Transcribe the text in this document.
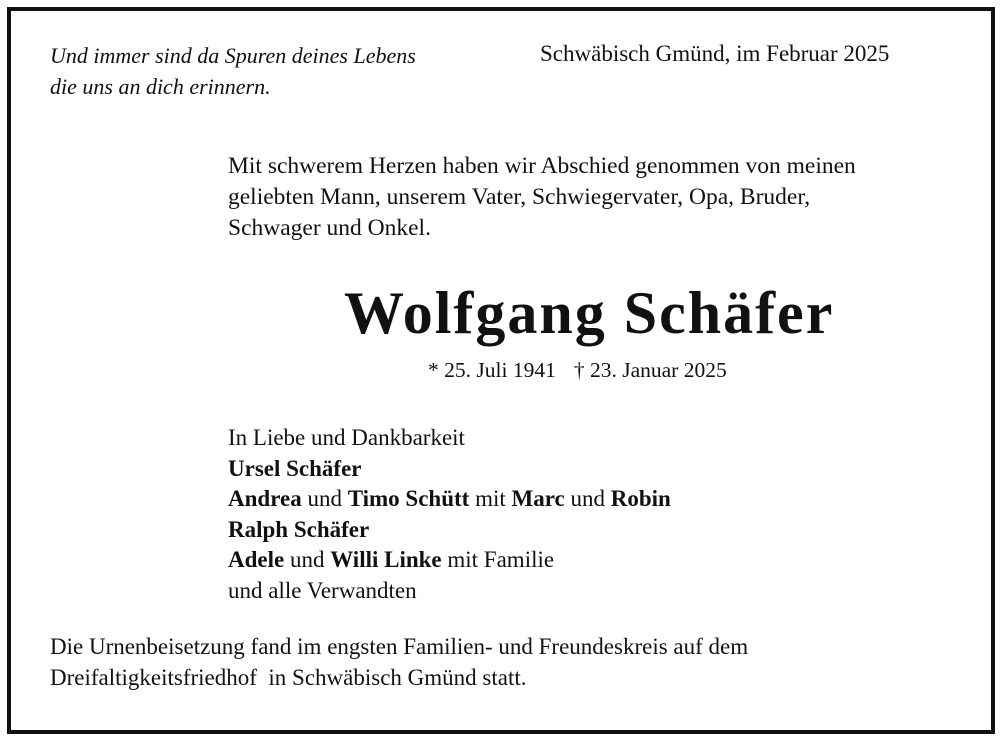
Und immer sind da Spuren deines Lebens
die uns an dich erinnern.
Schwäbisch Gmünd, im Februar 2025
Mit schwerem Herzen haben wir Abschied genommen von meinen
geliebten Mann, unserem Vater, Schwiegervater, Opa, Bruder,
Schwager und Onkel.
Wolfgang Schäfer
* 25. Juli 1941 † 23. Januar 2025
In Liebe und Dankbarkeit
Ursel Schäfer
Andrea und Timo Schütt mit Marc und Robin
Ralph Schäfer
Adele und Willi Linke mit Familie
und alle Verwandten
Die Urnenbeisetzung fand im engsten Familien- und Freundeskreis auf dem
Dreifaltigkeitsfriedhof  in Schwäbisch Gmünd statt.
